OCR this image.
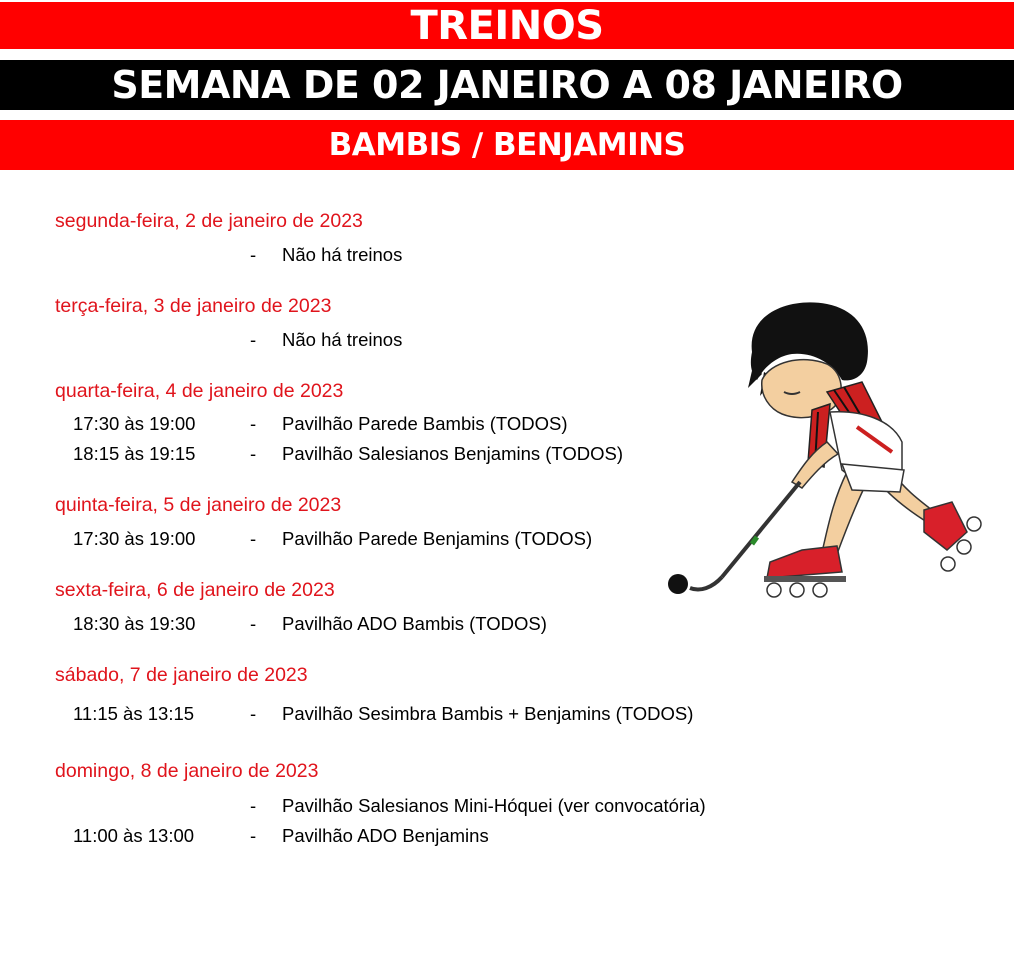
TREINOS
SEMANA DE 02 JANEIRO A 08 JANEIRO
BAMBIS / BENJAMINS
segunda-feira, 2 de janeiro de 2023
- Não há treinos
terça-feira, 3 de janeiro de 2023
- Não há treinos
quarta-feira, 4 de janeiro de 2023
17:30 às 19:00	- Pavilhão Parede Bambis (TODOS)
18:15 às 19:15	- Pavilhão Salesianos Benjamins (TODOS)
quinta-feira, 5 de janeiro de 2023
17:30 às 19:00	- Pavilhão Parede Benjamins (TODOS)
sexta-feira, 6 de janeiro de 2023
18:30 às 19:30	- Pavilhão ADO Bambis (TODOS)
sábado, 7 de janeiro de 2023
11:15 às 13:15	- Pavilhão Sesimbra Bambis + Benjamins (TODOS)
domingo, 8 de janeiro de 2023
- Pavilhão Salesianos Mini-Hóquei (ver convocatória)
11:00 às 13:00	- Pavilhão ADO Benjamins
